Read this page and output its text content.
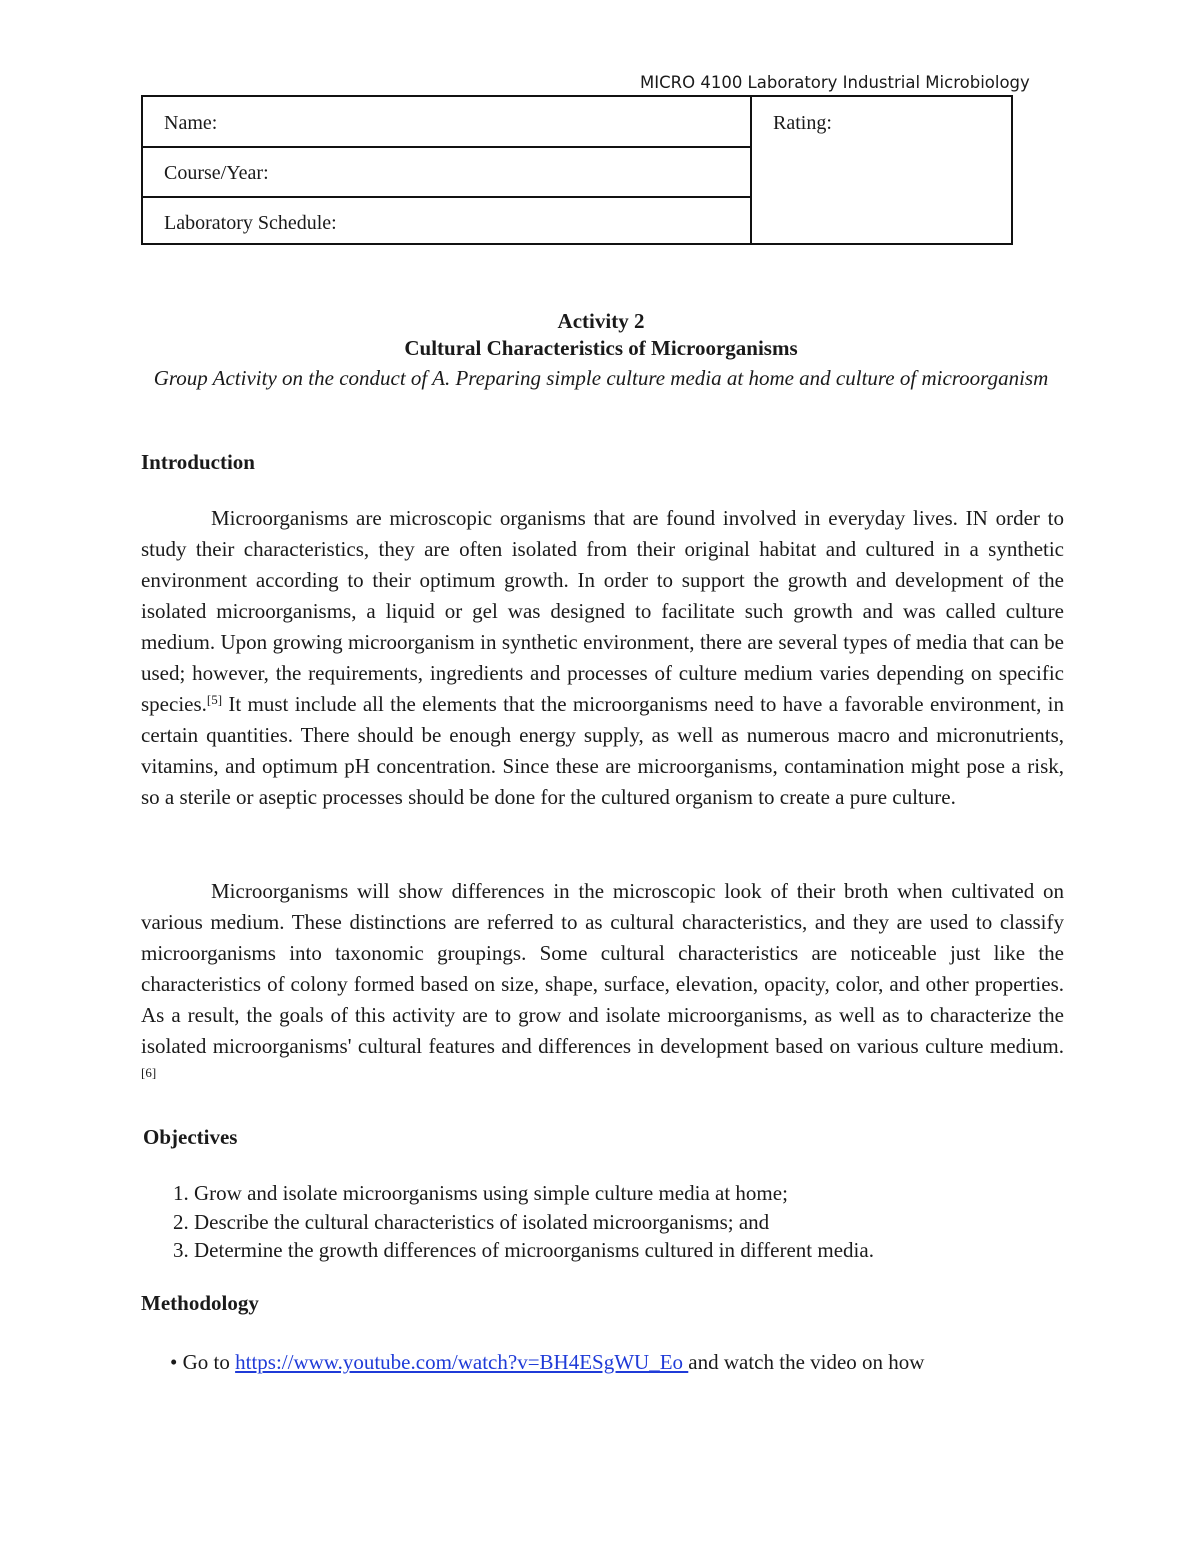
MICRO 4100 Laboratory Industrial Microbiology
Name:
Course/Year:
Laboratory Schedule:
Rating:
Activity 2
Cultural Characteristics of Microorganisms
Group Activity on the conduct of A. Preparing simple culture media at home and culture of microorganism
Introduction
Microorganisms are microscopic organisms that are found involved in everyday lives. IN order to study their characteristics, they are often isolated from their original habitat and cultured in a synthetic environment according to their optimum growth. In order to support the growth and development of the isolated microorganisms, a liquid or gel was designed to facilitate such growth and was called culture medium. Upon growing microorganism in synthetic environment, there are several types of media that can be used; however, the requirements, ingredients and processes of culture medium varies depending on specific species.[5] It must include all the elements that the microorganisms need to have a favorable environment, in certain quantities. There should be enough energy supply, as well as numerous macro and micronutrients, vitamins, and optimum pH concentration. Since these are microorganisms, contamination might pose a risk, so a sterile or aseptic processes should be done for the cultured organism to create a pure culture.
Microorganisms will show differences in the microscopic look of their broth when cultivated on various medium. These distinctions are referred to as cultural characteristics, and they are used to classify microorganisms into taxonomic groupings. Some cultural characteristics are noticeable just like the characteristics of colony formed based on size, shape, surface, elevation, opacity, color, and other properties. As a result, the goals of this activity are to grow and isolate microorganisms, as well as to characterize the isolated microorganisms' cultural features and differences in development based on various culture medium.[6]
Objectives
1. Grow and isolate microorganisms using simple culture media at home;
2. Describe the cultural characteristics of isolated microorganisms; and
3. Determine the growth differences of microorganisms cultured in different media.
Methodology
• Go to https://www.youtube.com/watch?v=BH4ESgWU_Eo and watch the video on how
